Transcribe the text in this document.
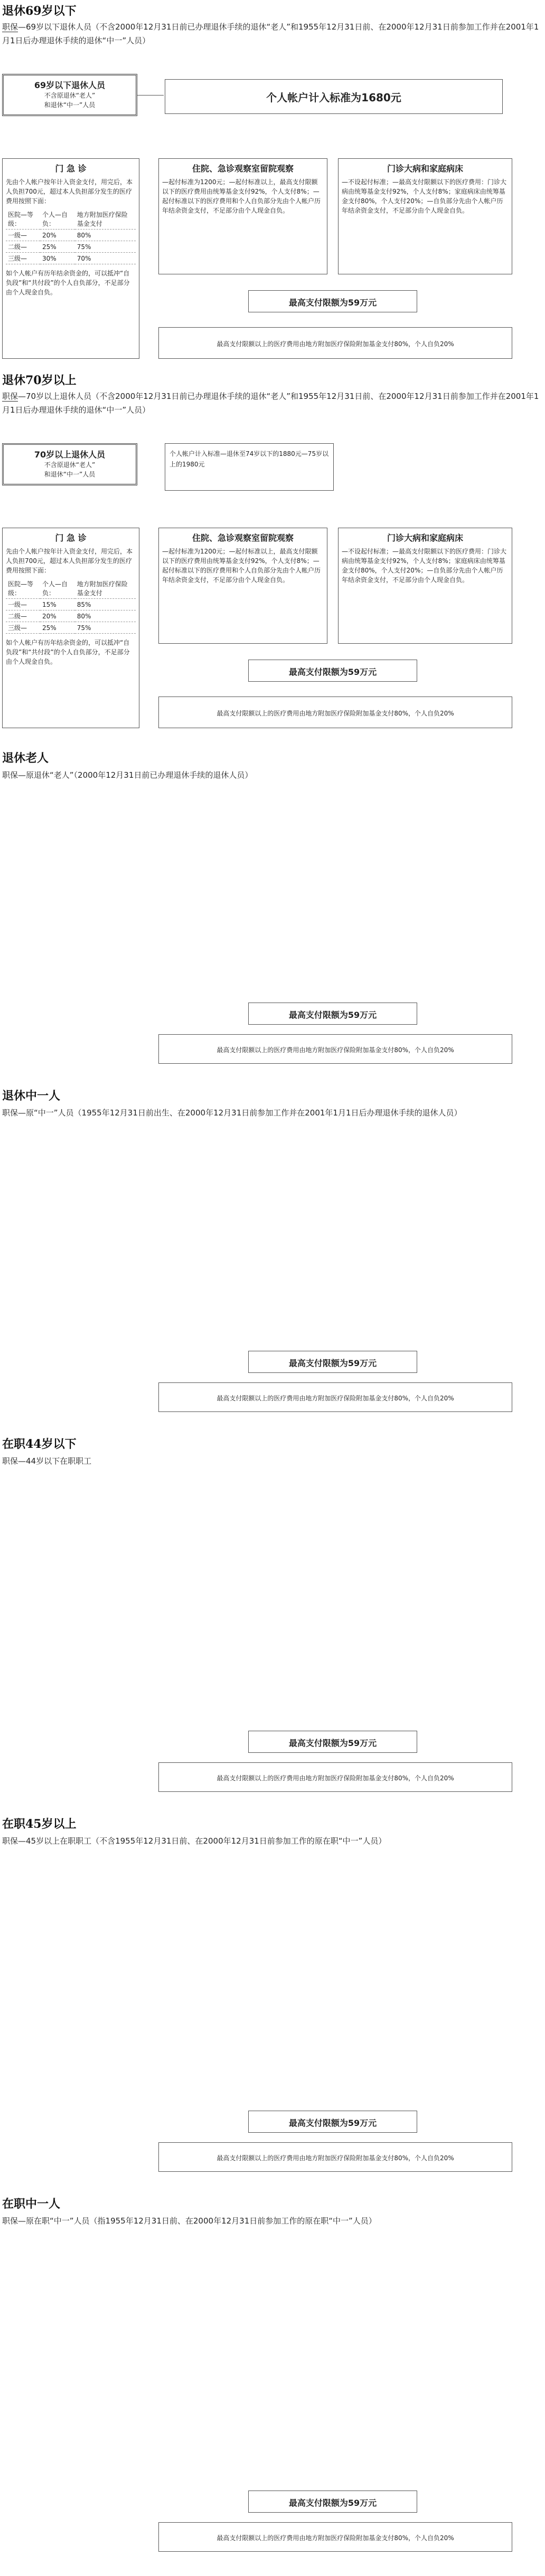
退休69岁以下
职保—69岁以下退休人员（不含2000年12月31日前已办理退休手续的退休“老人”和1955年12月31日前、在2000年12月31日前参加工作并在2001年1月1日后办理退休手续的退休“中一”人员）
69岁以下退休人员
不含原退休“老人”
和退休“中一”人员
个人帐户计入标准为1680元
门 急 诊
先由个人帐户按年计入资金支付，用完后，本人负担700元，超过本人负担部分发生的医疗费用按照下面：
医院—等级：	个人—自负：	地方附加医疗保险基金支付
一级—	20%	80%
二级—	25%	75%
三级—	30%	70%
如个人帐户有历年结余资金的，可以抵冲“自负段”和“共付段”的个人自负部分，不足部分由个人现金自负。
住院、急诊观察室留院观察
—起付标准为1200元；—起付标准以上，最高支付限额以下的医疗费用由统筹基金支付92%，个人支付8%；—起付标准以下的医疗费用和个人自负部分先由个人帐户历年结余资金支付，不足部分由个人现金自负。
门诊大病和家庭病床
—不设起付标准；—最高支付限额以下的医疗费用：门诊大病由统筹基金支付92%，个人支付8%；家庭病床由统筹基金支付80%，个人支付20%；—自负部分先由个人帐户历年结余资金支付，不足部分由个人现金自负。
最高支付限额为59万元
最高支付限额以上的医疗费用由地方附加医疗保险附加基金支付80%，个人自负20%
退休70岁以上
职保—70岁以上退休人员（不含2000年12月31日前已办理退休手续的退休“老人”和1955年12月31日前、在2000年12月31日前参加工作并在2001年1月1日后办理退休手续的退休“中一”人员）
70岁以上退休人员
不含原退休“老人”
和退休“中一”人员
个人帐户计入标准—退休至74岁以下的1880元—75岁以上的1980元
门 急 诊
先由个人帐户按年计入资金支付，用完后，本人负担700元，超过本人负担部分发生的医疗费用按照下面：
医院—等级：	个人—自负：	地方附加医疗保险基金支付
一级—	15%	85%
二级—	20%	80%
三级—	25%	75%
如个人帐户有历年结余资金的，可以抵冲“自负段”和“共付段”的个人自负部分，不足部分由个人现金自负。
住院、急诊观察室留院观察
—起付标准为1200元；—起付标准以上，最高支付限额以下的医疗费用由统筹基金支付92%，个人支付8%；—起付标准以下的医疗费用和个人自负部分先由个人帐户历年结余资金支付，不足部分由个人现金自负。
门诊大病和家庭病床
—不设起付标准；—最高支付限额以下的医疗费用：门诊大病由统筹基金支付92%，个人支付8%；家庭病床由统筹基金支付80%，个人支付20%；—自负部分先由个人帐户历年结余资金支付，不足部分由个人现金自负。
最高支付限额为59万元
最高支付限额以上的医疗费用由地方附加医疗保险附加基金支付80%，个人自负20%
退休老人
职保—原退休“老人”（2000年12月31日前已办理退休手续的退休人员）
最高支付限额为59万元
最高支付限额以上的医疗费用由地方附加医疗保险附加基金支付80%，个人自负20%
退休中一人
职保—原“中一”人员（1955年12月31日前出生、在2000年12月31日前参加工作并在2001年1月1日后办理退休手续的退休人员）
最高支付限额为59万元
最高支付限额以上的医疗费用由地方附加医疗保险附加基金支付80%，个人自负20%
在职44岁以下
职保—44岁以下在职职工
最高支付限额为59万元
最高支付限额以上的医疗费用由地方附加医疗保险附加基金支付80%，个人自负20%
在职45岁以上
职保—45岁以上在职职工（不含1955年12月31日前、在2000年12月31日前参加工作的原在职“中一”人员）
最高支付限额为59万元
最高支付限额以上的医疗费用由地方附加医疗保险附加基金支付80%，个人自负20%
在职中一人
职保—原在职“中一”人员（指1955年12月31日前、在2000年12月31日前参加工作的原在职“中一”人员）
最高支付限额为59万元
最高支付限额以上的医疗费用由地方附加医疗保险附加基金支付80%，个人自负20%
